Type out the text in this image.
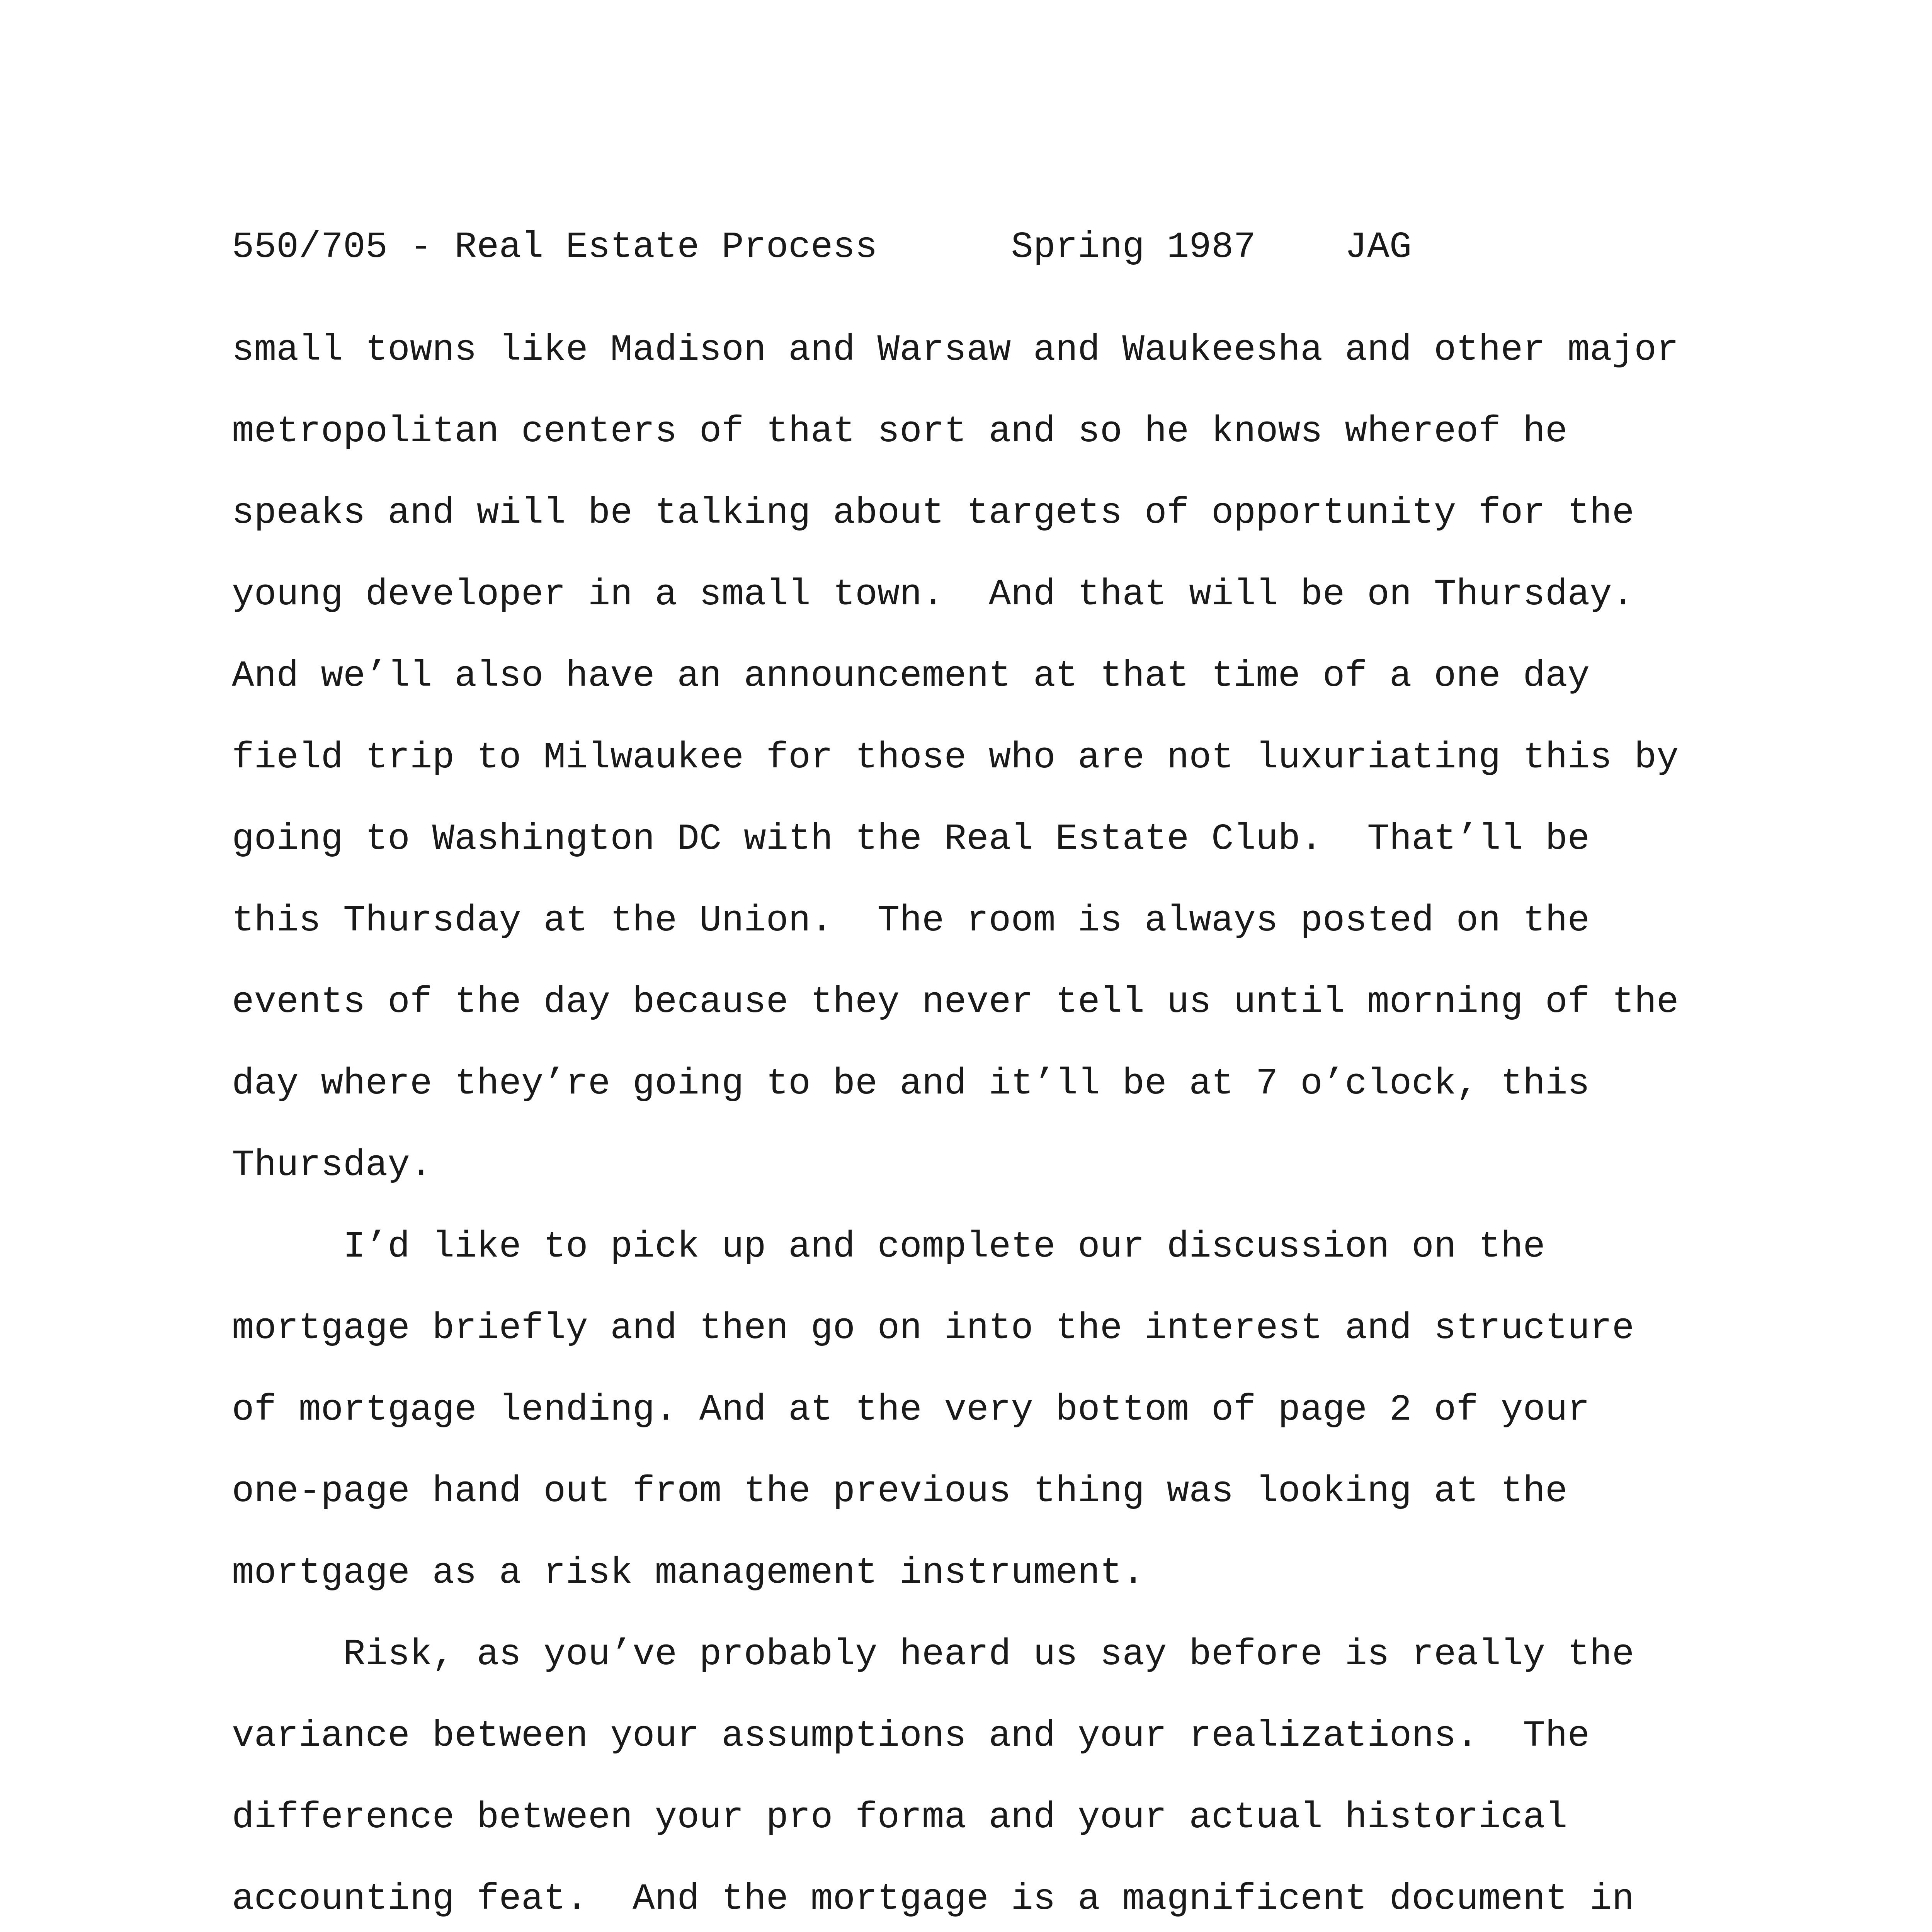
550/705 - Real Estate Process      Spring 1987    JAG
small towns like Madison and Warsaw and Waukeesha and other major
metropolitan centers of that sort and so he knows whereof he
speaks and will be talking about targets of opportunity for the
young developer in a small town.  And that will be on Thursday.
And we’ll also have an announcement at that time of a one day
field trip to Milwaukee for those who are not luxuriating this by
going to Washington DC with the Real Estate Club.  That’ll be
this Thursday at the Union.  The room is always posted on the
events of the day because they never tell us until morning of the
day where they’re going to be and it’ll be at 7 o’clock, this
Thursday.
I’d like to pick up and complete our discussion on the
mortgage briefly and then go on into the interest and structure
of mortgage lending. And at the very bottom of page 2 of your
one-page hand out from the previous thing was looking at the
mortgage as a risk management instrument.
Risk, as you’ve probably heard us say before is really the
variance between your assumptions and your realizations.  The
difference between your pro forma and your actual historical
accounting feat.  And the mortgage is a magnificent document in
